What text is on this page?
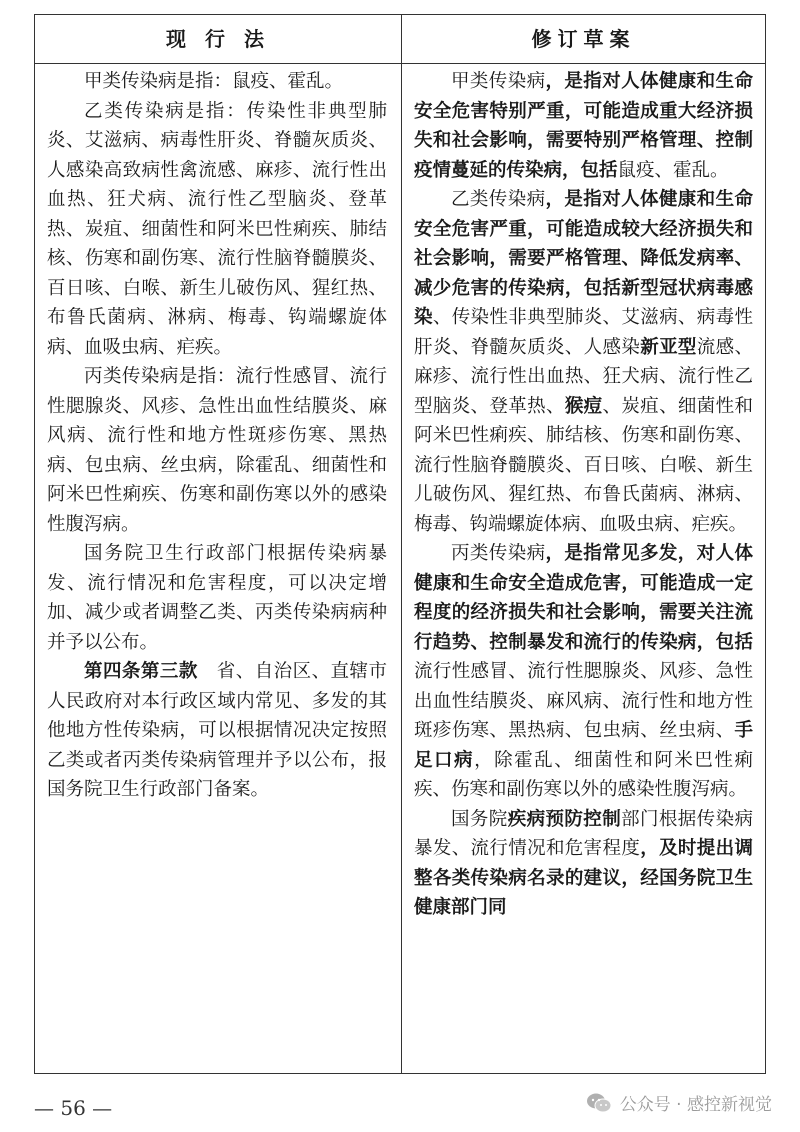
现 行 法	修订草案

甲类传染病是指：鼠疫、霍乱。

乙类传染病是指：传染性非典型肺炎、艾滋病、病毒性肝炎、脊髓灰质炎、人感染高致病性禽流感、麻疹、流行性出血热、狂犬病、流行性乙型脑炎、登革热、炭疽、细菌性和阿米巴性痢疾、肺结核、伤寒和副伤寒、流行性脑脊髓膜炎、百日咳、白喉、新生儿破伤风、猩红热、布鲁氏菌病、淋病、梅毒、钩端螺旋体病、血吸虫病、疟疾。

丙类传染病是指：流行性感冒、流行性腮腺炎、风疹、急性出血性结膜炎、麻风病、流行性和地方性斑疹伤寒、黑热病、包虫病、丝虫病，除霍乱、细菌性和阿米巴性痢疾、伤寒和副伤寒以外的感染性腹泻病。

国务院卫生行政部门根据传染病暴发、流行情况和危害程度，可以决定增加、减少或者调整乙类、丙类传染病病种并予以公布。

第四条第三款　省、自治区、直辖市人民政府对本行政区域内常见、多发的其他地方性传染病，可以根据情况决定按照乙类或者丙类传染病管理并予以公布，报国务院卫生行政部门备案。

甲类传染病，是指对人体健康和生命安全危害特别严重，可能造成重大经济损失和社会影响，需要特别严格管理、控制疫情蔓延的传染病，包括鼠疫、霍乱。

乙类传染病，是指对人体健康和生命安全危害严重，可能造成较大经济损失和社会影响，需要严格管理、降低发病率、减少危害的传染病，包括新型冠状病毒感染、传染性非典型肺炎、艾滋病、病毒性肝炎、脊髓灰质炎、人感染新亚型流感、麻疹、流行性出血热、狂犬病、流行性乙型脑炎、登革热、猴痘、炭疽、细菌性和阿米巴性痢疾、肺结核、伤寒和副伤寒、流行性脑脊髓膜炎、百日咳、白喉、新生儿破伤风、猩红热、布鲁氏菌病、淋病、梅毒、钩端螺旋体病、血吸虫病、疟疾。

丙类传染病，是指常见多发，对人体健康和生命安全造成危害，可能造成一定程度的经济损失和社会影响，需要关注流行趋势、控制暴发和流行的传染病，包括流行性感冒、流行性腮腺炎、风疹、急性出血性结膜炎、麻风病、流行性和地方性斑疹伤寒、黑热病、包虫病、丝虫病、手足口病，除霍乱、细菌性和阿米巴性痢疾、伤寒和副伤寒以外的感染性腹泻病。

国务院疾病预防控制部门根据传染病暴发、流行情况和危害程度，及时提出调整各类传染病名录的建议，经国务院卫生健康部门同

— 56 —	公众号 · 感控新视觉
